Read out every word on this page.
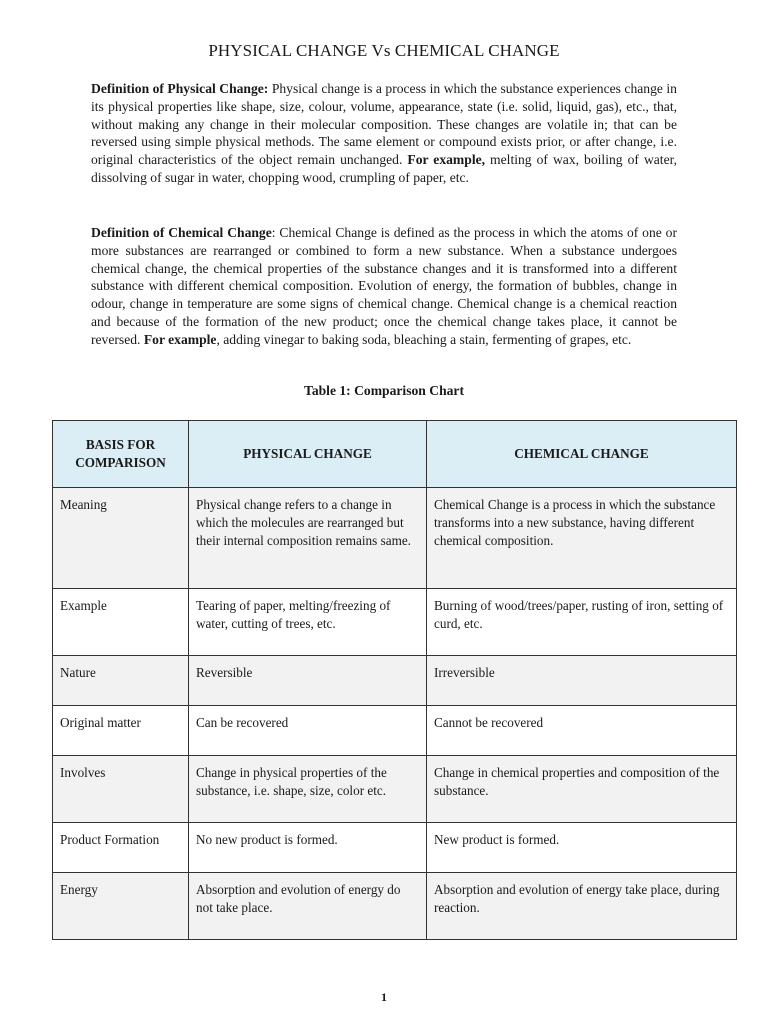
PHYSICAL CHANGE Vs CHEMICAL CHANGE

Definition of Physical Change: Physical change is a process in which the substance experiences change in its physical properties like shape, size, colour, volume, appearance, state (i.e. solid, liquid, gas), etc., that, without making any change in their molecular composition. These changes are volatile in; that can be reversed using simple physical methods. The same element or compound exists prior, or after change, i.e. original characteristics of the object remain unchanged. For example, melting of wax, boiling of water, dissolving of sugar in water, chopping wood, crumpling of paper, etc.

Definition of Chemical Change: Chemical Change is defined as the process in which the atoms of one or more substances are rearranged or combined to form a new substance. When a substance undergoes chemical change, the chemical properties of the substance changes and it is transformed into a different substance with different chemical composition. Evolution of energy, the formation of bubbles, change in odour, change in temperature are some signs of chemical change. Chemical change is a chemical reaction and because of the formation of the new product; once the chemical change takes place, it cannot be reversed. For example, adding vinegar to baking soda, bleaching a stain, fermenting of grapes, etc.

Table 1: Comparison Chart
BASIS FOR COMPARISON	PHYSICAL CHANGE	CHEMICAL CHANGE
Meaning	Physical change refers to a change in which the molecules are rearranged but their internal composition remains same.	Chemical Change is a process in which the substance transforms into a new substance, having different chemical composition.
Example	Tearing of paper, melting/freezing of water, cutting of trees, etc.	Burning of wood/trees/paper, rusting of iron, setting of curd, etc.
Nature	Reversible	Irreversible
Original matter	Can be recovered	Cannot be recovered
Involves	Change in physical properties of the substance, i.e. shape, size, color etc.	Change in chemical properties and composition of the substance.
Product Formation	No new product is formed.	New product is formed.
Energy	Absorption and evolution of energy do not take place.	Absorption and evolution of energy take place, during reaction.
1
